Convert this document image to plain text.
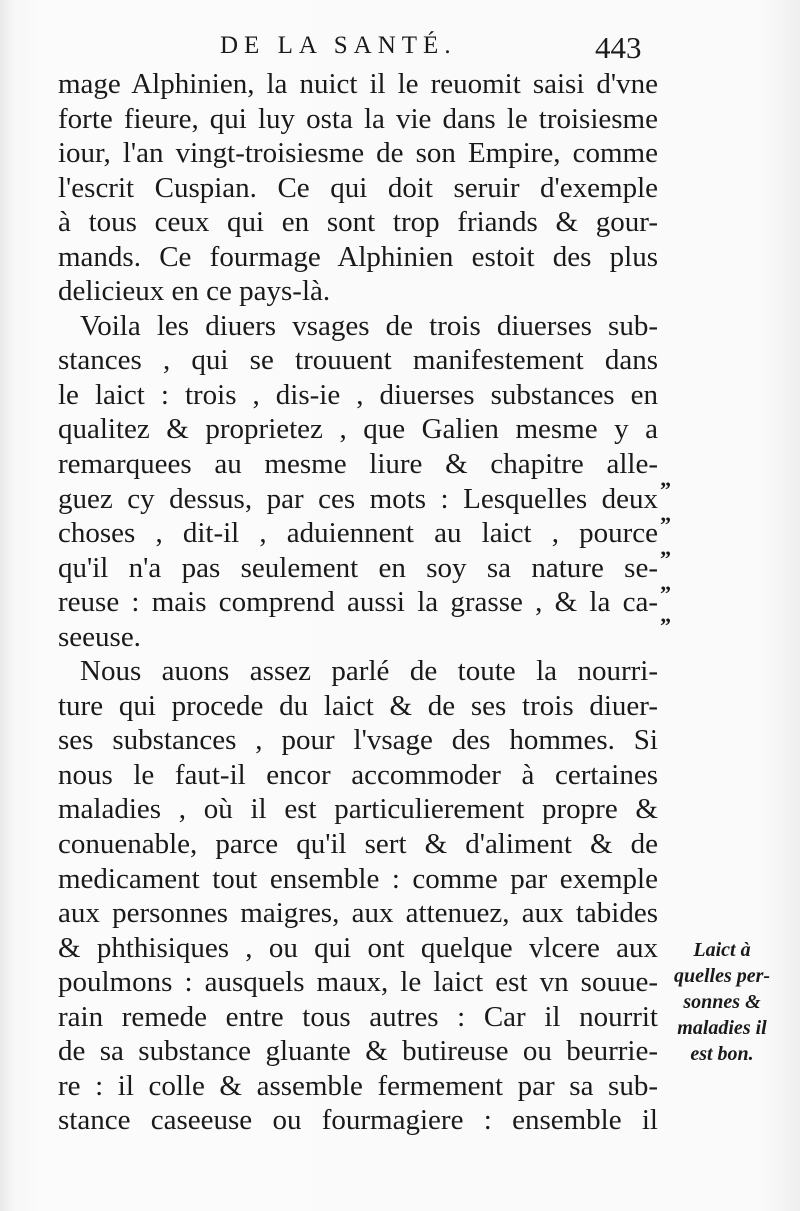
DE LA SANTÉ.	443
mage Alphinien, la nuict il le reuomit saisi d'vne
forte fieure, qui luy osta la vie dans le troisiesme
iour, l'an vingt-troisiesme de son Empire, comme
l'escrit Cuspian. Ce qui doit seruir d'exemple
à tous ceux qui en sont trop friands & gour-
mands. Ce fourmage Alphinien estoit des plus
delicieux en ce pays-là.
Voila les diuers vsages de trois diuerses sub-
stances , qui se trouuent manifestement dans
le laict : trois , dis-ie , diuerses substances en
qualitez & proprietez , que Galien mesme y a
remarquees au mesme liure & chapitre alle-
guez cy dessus, par ces mots : Lesquelles deux
choses , dit-il , aduiennent au laict , pource
qu'il n'a pas seulement en soy sa nature se-
reuse : mais comprend aussi la grasse , & la ca-
seeuse.
Nous auons assez parlé de toute la nourri-
ture qui procede du laict & de ses trois diuer-
ses substances , pour l'vsage des hommes. Si
nous le faut-il encor accommoder à certaines
maladies , où il est particulierement propre &
conuenable, parce qu'il sert & d'aliment & de
medicament tout ensemble : comme par exemple
aux personnes maigres, aux attenuez, aux tabides
& phthisiques , ou qui ont quelque vlcere aux
poulmons : ausquels maux, le laict est vn souue-
rain remede entre tous autres : Car il nourrit
de sa substance gluante & butireuse ou beurrie-
re : il colle & assemble fermement par sa sub-
stance caseeuse ou fourmagiere : ensemble il
”
”
”
”
”
Laict à
quelles per-
sonnes &
maladies il
est bon.
